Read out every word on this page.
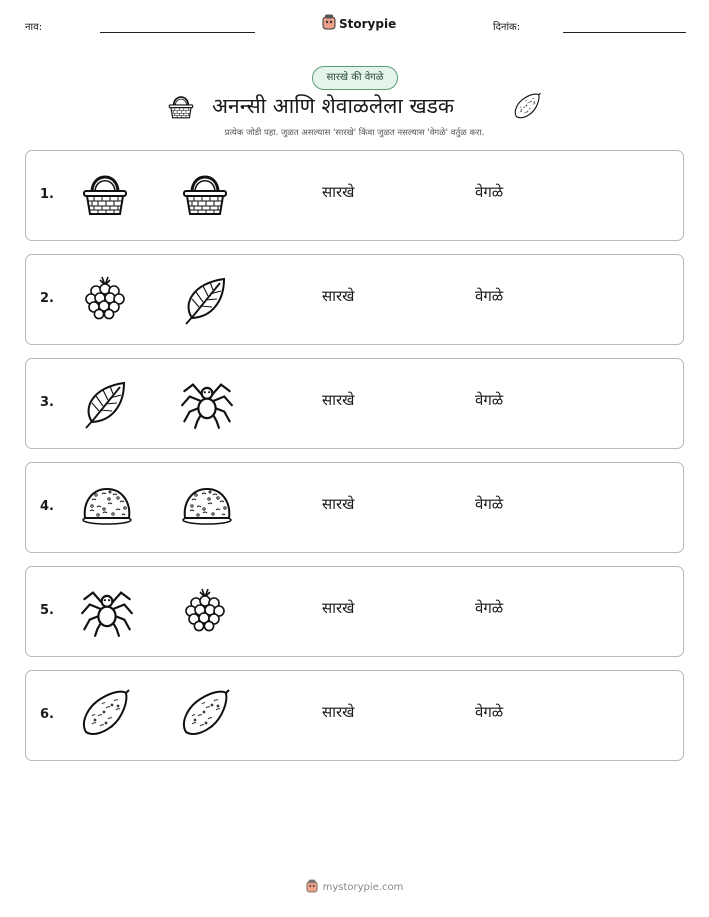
नाव:	Storypie	दिनांक:
सारखे की वेगळे
अनन्सी आणि शेवाळलेला खडक
प्रत्येक जोडी पहा. जुळत असल्यास 'सारखे' किंवा जुळत नसल्यास 'वेगळे' वर्तुळ करा.
1.	सारखे	वेगळे
2.	सारखे	वेगळे
3.	सारखे	वेगळे
4.	सारखे	वेगळे
5.	सारखे	वेगळे
6.	सारखे	वेगळे
mystorypie.com
